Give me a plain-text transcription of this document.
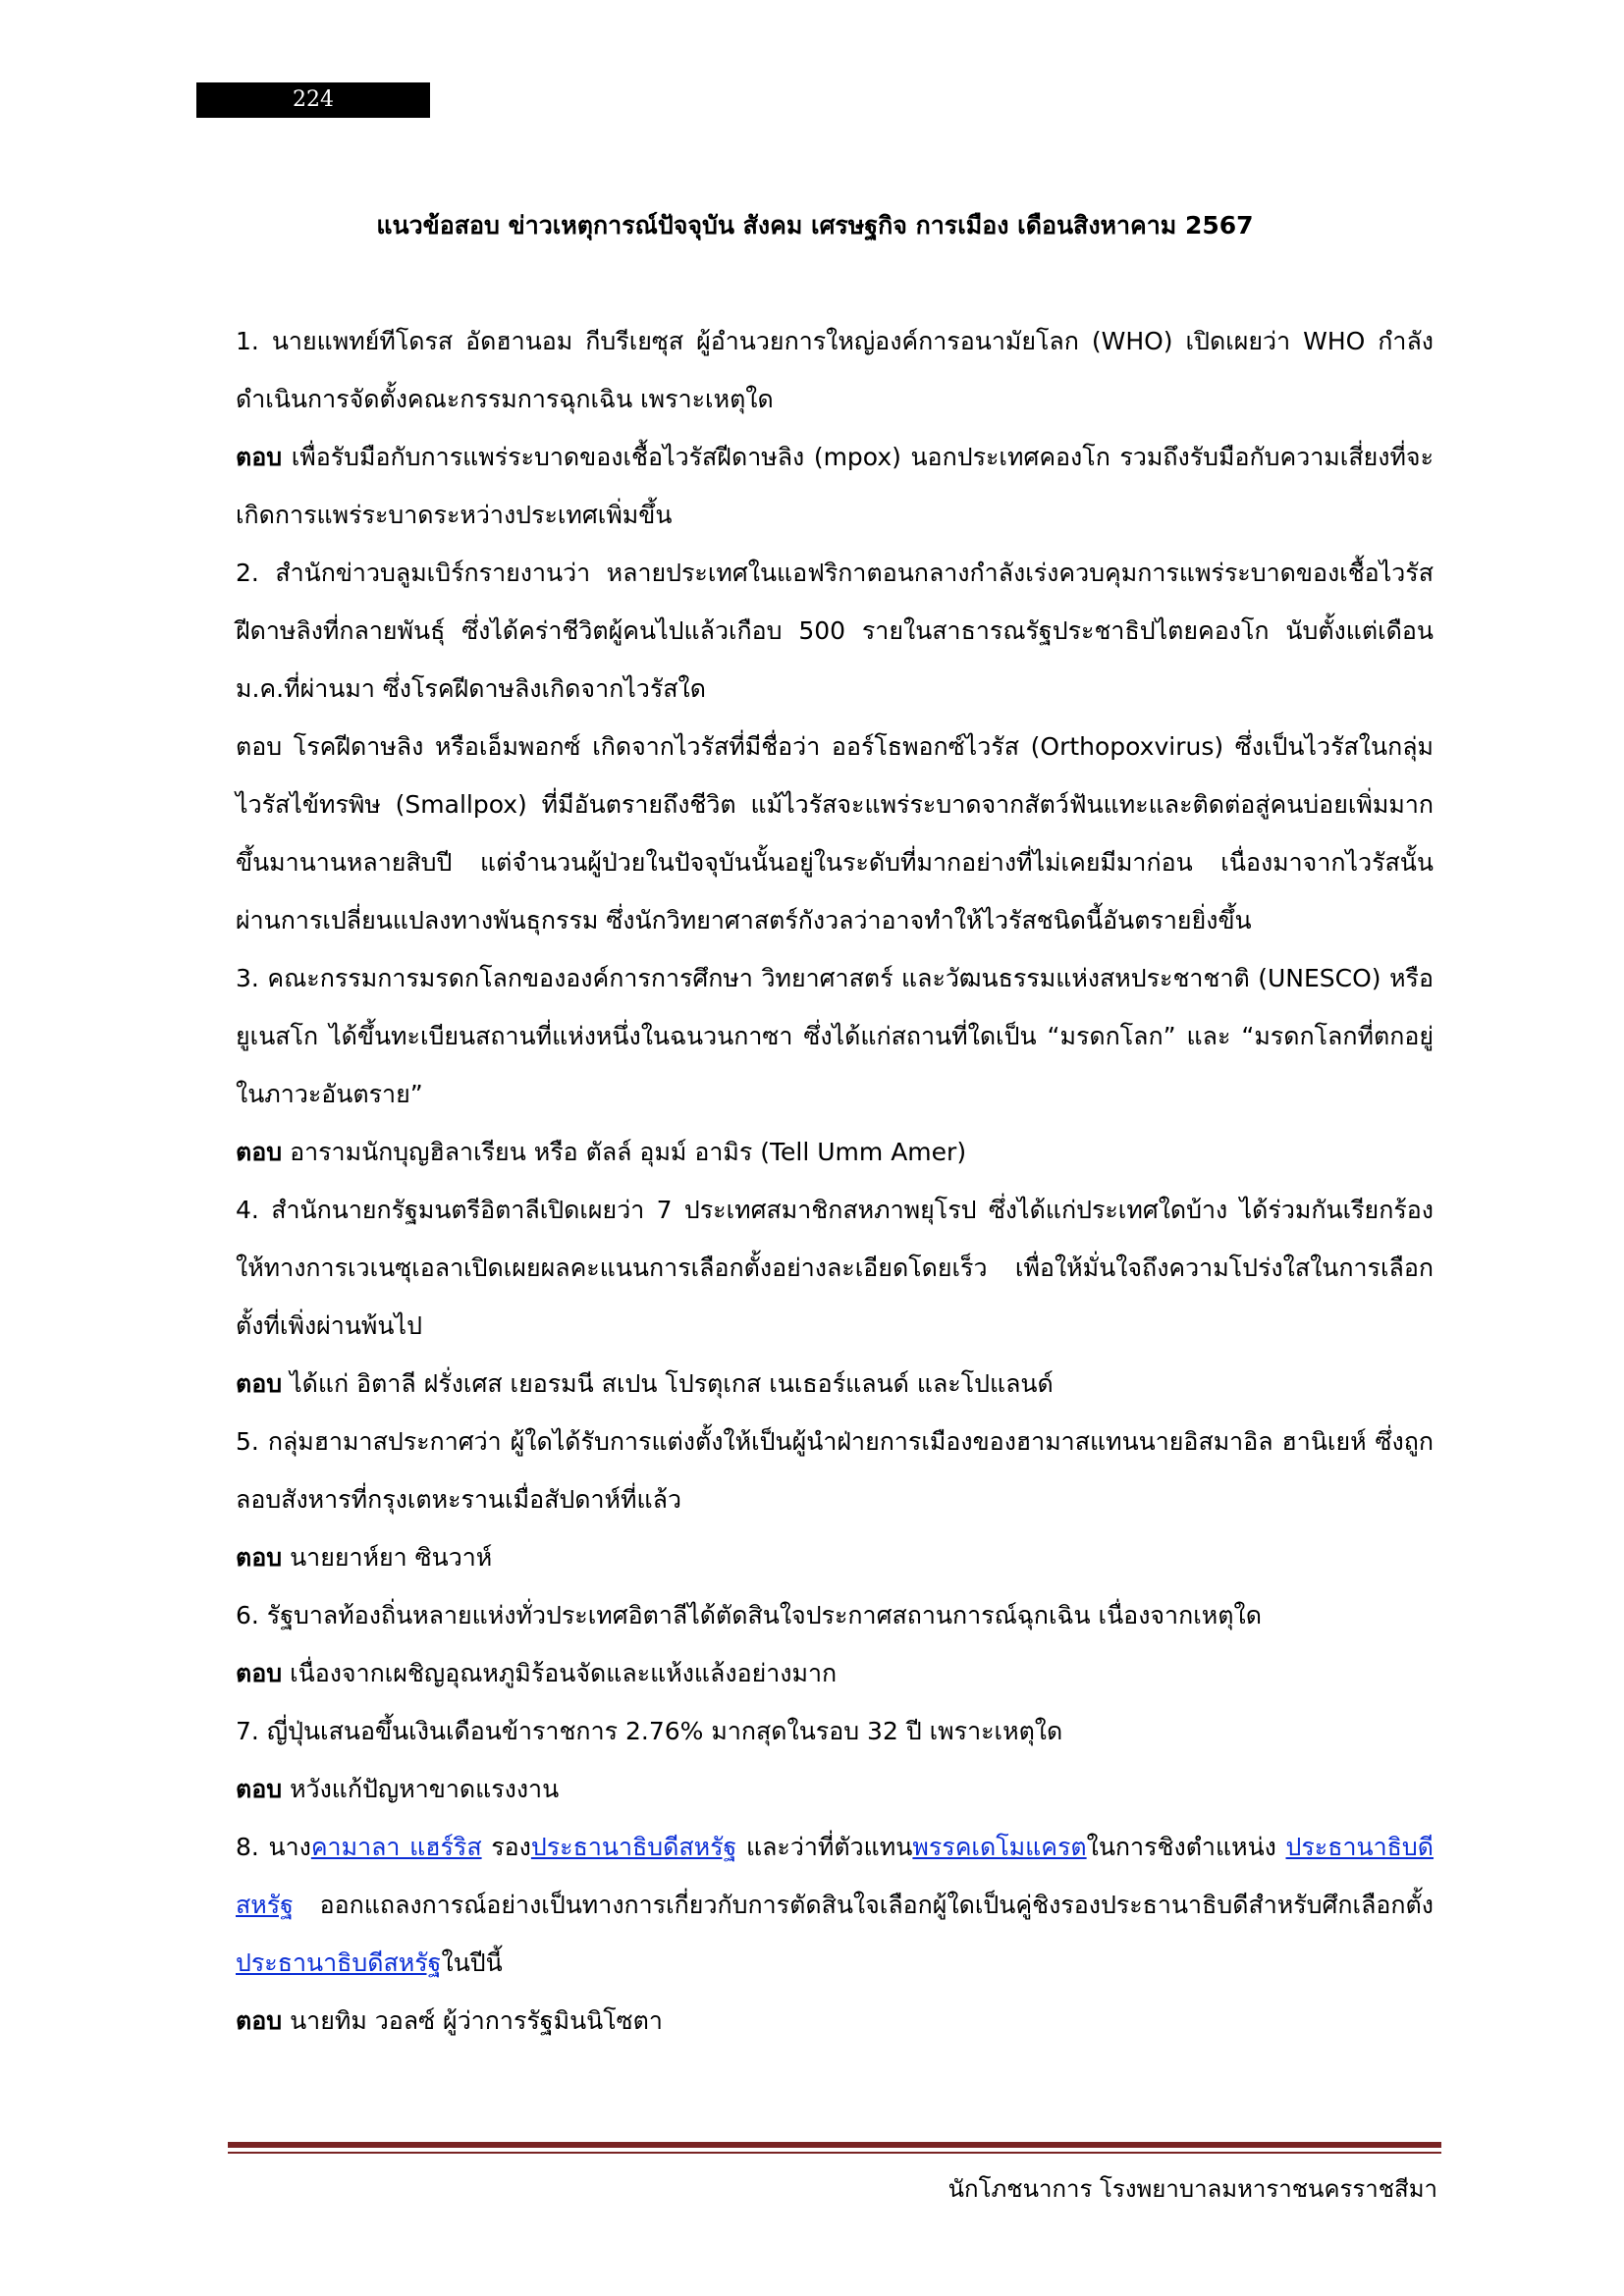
224
แนวข้อสอบ ข่าวเหตุการณ์ปัจจุบัน สังคม เศรษฐกิจ การเมือง เดือนสิงหาคาม 2567

1. นายแพทย์ทีโดรส อัดฮานอม กีบรีเยซุส ผู้อำนวยการใหญ่องค์การอนามัยโลก (WHO) เปิดเผยว่า WHO กำลังดำเนินการจัดตั้งคณะกรรมการฉุกเฉิน เพราะเหตุใด

ตอบ เพื่อรับมือกับการแพร่ระบาดของเชื้อไวรัสฝีดาษลิง (mpox) นอกประเทศคองโก รวมถึงรับมือกับความเสี่ยงที่จะเกิดการแพร่ระบาดระหว่างประเทศเพิ่มขึ้น

2. สำนักข่าวบลูมเบิร์กรายงานว่า หลายประเทศในแอฟริกาตอนกลางกำลังเร่งควบคุมการแพร่ระบาดของเชื้อไวรัสฝีดาษลิงที่กลายพันธุ์ ซึ่งได้คร่าชีวิตผู้คนไปแล้วเกือบ 500 รายในสาธารณรัฐประชาธิปไตยคองโก นับตั้งแต่เดือนม.ค.ที่ผ่านมา ซึ่งโรคฝีดาษลิงเกิดจากไวรัสใด

ตอบ โรคฝีดาษลิง หรือเอ็มพอกซ์ เกิดจากไวรัสที่มีชื่อว่า ออร์โธพอกซ์ไวรัส (Orthopoxvirus) ซึ่งเป็นไวรัสในกลุ่มไวรัสไข้ทรพิษ (Smallpox) ที่มีอันตรายถึงชีวิต แม้ไวรัสจะแพร่ระบาดจากสัตว์ฟันแทะและติดต่อสู่คนบ่อยเพิ่มมากขึ้นมานานหลายสิบปี แต่จำนวนผู้ป่วยในปัจจุบันนั้นอยู่ในระดับที่มากอย่างที่ไม่เคยมีมาก่อน เนื่องมาจากไวรัสนั้นผ่านการเปลี่ยนแปลงทางพันธุกรรม ซึ่งนักวิทยาศาสตร์กังวลว่าอาจทำให้ไวรัสชนิดนี้อันตรายยิ่งขึ้น

3. คณะกรรมการมรดกโลกขององค์การการศึกษา วิทยาศาสตร์ และวัฒนธรรมแห่งสหประชาชาติ (UNESCO) หรือยูเนสโก ได้ขึ้นทะเบียนสถานที่แห่งหนึ่งในฉนวนกาซา ซึ่งได้แก่สถานที่ใดเป็น “มรดกโลก” และ “มรดกโลกที่ตกอยู่ในภาวะอันตราย”

ตอบ อารามนักบุญฮิลาเรียน หรือ ตัลล์ อุมม์ อามิร (Tell Umm Amer)

4. สำนักนายกรัฐมนตรีอิตาลีเปิดเผยว่า 7 ประเทศสมาชิกสหภาพยุโรป ซึ่งได้แก่ประเทศใดบ้าง ได้ร่วมกันเรียกร้องให้ทางการเวเนซุเอลาเปิดเผยผลคะแนนการเลือกตั้งอย่างละเอียดโดยเร็ว เพื่อให้มั่นใจถึงความโปร่งใสในการเลือกตั้งที่เพิ่งผ่านพ้นไป

ตอบ ได้แก่ อิตาลี ฝรั่งเศส เยอรมนี สเปน โปรตุเกส เนเธอร์แลนด์ และโปแลนด์

5. กลุ่มฮามาสประกาศว่า ผู้ใดได้รับการแต่งตั้งให้เป็นผู้นำฝ่ายการเมืองของฮามาสแทนนายอิสมาอิล ฮานิเยห์ ซึ่งถูกลอบสังหารที่กรุงเตหะรานเมื่อสัปดาห์ที่แล้ว

ตอบ นายยาห์ยา ซินวาห์

6. รัฐบาลท้องถิ่นหลายแห่งทั่วประเทศอิตาลีได้ตัดสินใจประกาศสถานการณ์ฉุกเฉิน เนื่องจากเหตุใด

ตอบ เนื่องจากเผชิญอุณหภูมิร้อนจัดและแห้งแล้งอย่างมาก

7. ญี่ปุ่นเสนอขึ้นเงินเดือนข้าราชการ 2.76% มากสุดในรอบ 32 ปี เพราะเหตุใด

ตอบ หวังแก้ปัญหาขาดแรงงาน

8. นางคามาลา แฮร์ริส รองประธานาธิบดีสหรัฐ และว่าที่ตัวแทนพรรคเดโมแครตในการชิงตำแหน่ง ประธานาธิบดีสหรัฐ ออกแถลงการณ์อย่างเป็นทางการเกี่ยวกับการตัดสินใจเลือกผู้ใดเป็นคู่ชิงรองประธานาธิบดีสำหรับศึกเลือกตั้งประธานาธิบดีสหรัฐในปีนี้

ตอบ นายทิม วอลซ์ ผู้ว่าการรัฐมินนิโซตา

นักโภชนาการ โรงพยาบาลมหาราชนครราชสีมา
